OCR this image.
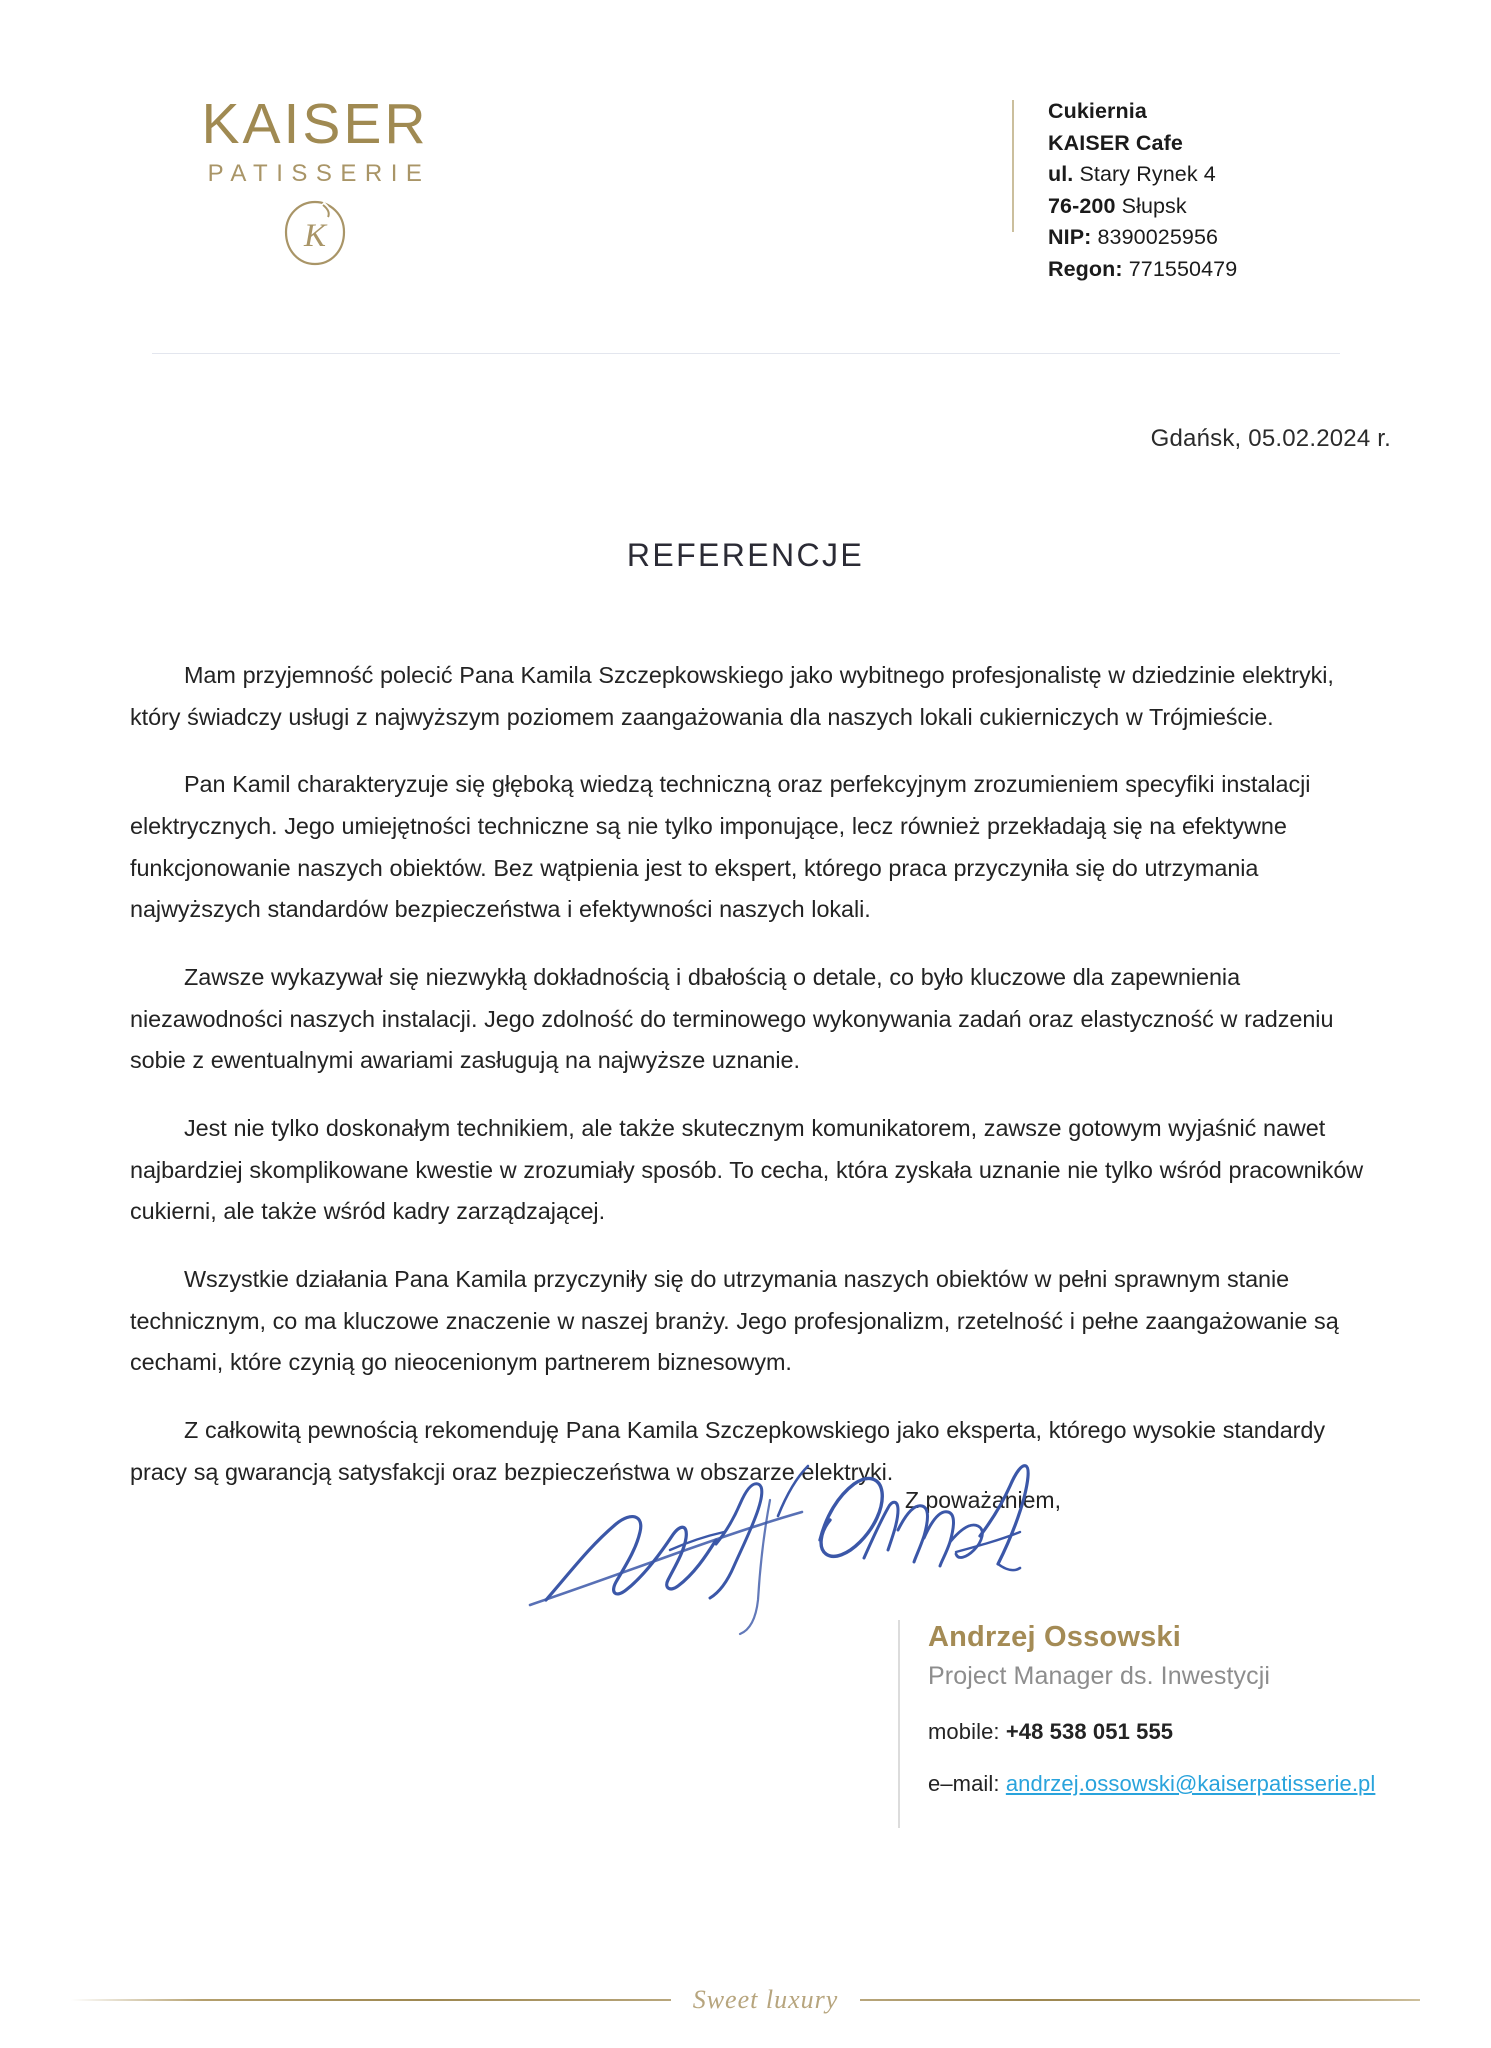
KAISER
PATISSERIE
K
Cukiernia
KAISER Cafe
ul. Stary Rynek 4
76-200 Słupsk
NIP: 8390025956
Regon: 771550479
Gdańsk, 05.02.2024 r.
REFERENCJE

Mam przyjemność polecić Pana Kamila Szczepkowskiego jako wybitnego profesjonalistę w dziedzinie elektryki, który świadczy usługi z najwyższym poziomem zaangażowania dla naszych lokali cukierniczych w Trójmieście.

Pan Kamil charakteryzuje się głęboką wiedzą techniczną oraz perfekcyjnym zrozumieniem specyfiki instalacji elektrycznych. Jego umiejętności techniczne są nie tylko imponujące, lecz również przekładają się na efektywne funkcjonowanie naszych obiektów. Bez wątpienia jest to ekspert, którego praca przyczyniła się do utrzymania najwyższych standardów bezpieczeństwa i efektywności naszych lokali.

Zawsze wykazywał się niezwykłą dokładnością i dbałością o detale, co było kluczowe dla zapewnienia niezawodności naszych instalacji. Jego zdolność do terminowego wykonywania zadań oraz elastyczność w radzeniu sobie z ewentualnymi awariami zasługują na najwyższe uznanie.

Jest nie tylko doskonałym technikiem, ale także skutecznym komunikatorem, zawsze gotowym wyjaśnić nawet najbardziej skomplikowane kwestie w zrozumiały sposób. To cecha, która zyskała uznanie nie tylko wśród pracowników cukierni, ale także wśród kadry zarządzającej.

Wszystkie działania Pana Kamila przyczyniły się do utrzymania naszych obiektów w pełni sprawnym stanie technicznym, co ma kluczowe znaczenie w naszej branży. Jego profesjonalizm, rzetelność i pełne zaangażowanie są cechami, które czynią go nieocenionym partnerem biznesowym.

Z całkowitą pewnością rekomenduję Pana Kamila Szczepkowskiego jako eksperta, którego wysokie standardy pracy są gwarancją satysfakcji oraz bezpieczeństwa w obszarze elektryki.

Z poważaniem,
Andrzej Ossowski
Project Manager ds. Inwestycji
mobile: +48 538 051 555
e–mail: andrzej.ossowski@kaiserpatisserie.pl
Sweet luxury
